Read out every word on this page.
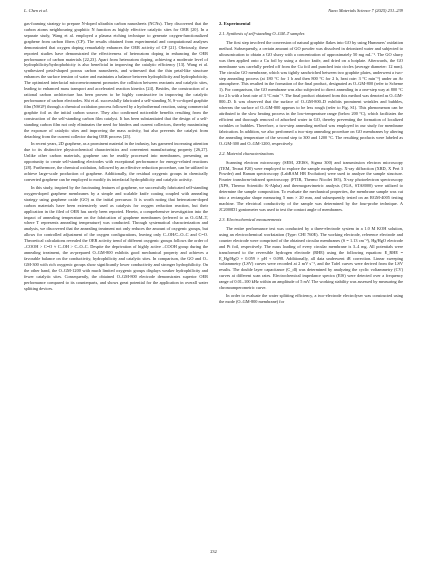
L. Chen et al.	Nano Materials Science 7 (2025) 231–239

gas-foaming strategy to prepare N-doped ultrathin carbon nanosheets (NCNs). They discovered that the carbon atoms neighbouring graphitic N function as highly effective catalytic sites for OER [20]. In a separate study, Wang et al. employed a plasma etching technique to generate oxygen-functionalized graphene from carbon fibers (CF). The results obtained from experimental and computational analyses demonstrated that oxygen doping remarkably enhances the OER activity of CF [21]. Obviously, these reported studies have demonstrated the effectiveness of heteroatom doping in enhancing the OER performance of carbon materials [22,23]. Apart from heteroatom doping, achieving a moderate level of hydrophilicity/hydrophobicity is also beneficial in improving the catalytic efficiency [13]. Wang et al. synthesized petal-shaped porous carbon nanosheets, and witnessed that the thin petal-like structure enhances the surface tension of water and maintains a balance between hydrophilicity and hydrophobicity. The optimized interfacial microenvironment promotes the collision between reactants and catalytic sites, leading to enhanced mass transport and accelerated reaction kinetics [24]. Besides, the construction of a rational carbon architecture has been proven to be highly constructive in improving the catalytic performance of carbon electrodes. Shi et al. successfully fabricated a self-standing N, S-co-doped graphite film (NSGF) through a chemical oxidation process followed by a hydrothermal reaction, using commercial graphite foil as the initial carbon source. They also confirmed noticeable benefits resulting from the construction of the self-standing carbon film catalyst. It has been substantiated that the design of a self-standing carbon film not only eliminates the need for binders and current collectors, thereby maximizing the exposure of catalytic sites and improving the mass activity, but also prevents the catalyst from detaching from the current collector during OER process [25].

In recent years, 2D graphene, as a prominent material in the industry, has garnered increasing attention due to its distinctive physicochemical characteristics and convenient manufacturing property [26,27]. Unlike other carbon materials, graphene can be readily processed into membranes, presenting an opportunity to create self-standing electrodes with exceptional performance for energy-related reactions [28]. Furthermore, the chemical oxidation, followed by an effective reduction procedure, can be utilized to achieve large-scale production of graphene. Additionally, the residual oxygenic groups in chemically converted graphene can be employed to modify its interfacial hydrophilicity and catalytic activity.

In this study, inspired by the fascinating features of graphene, we successfully fabricated self-standing oxygen-doped graphene membranes by a simple and scalable knife coating coupled with annealing strategy using graphene oxide (GO) as the initial precursor. It is worth noting that heteroatom-doped carbon materials have been extensively used as catalysts for oxygen reduction reaction, but their application in the filed of OER has rarely been reported. Herein, a comprehensive investigation into the impact of annealing temperature on the fabrication of graphene membranes (referred to as O–GM–T, where T represents annealing temperature) was conducted. Through systematical characterization and analysis, we discovered that the annealing treatment not only reduces the amount of oxygenic groups, but allows for controlled adjustment of the oxygen configurations, leaving only C–OH/C–O–C and C=O. Theoretical calculations revealed the OER activity trend of different oxygenic groups follows the order of –COOH > C=O ≈ C–OH > C–O–C. Despite the deprivation of highly active –COOH group during the annealing treatment, the as-prepared O–GM-800 exhibits good mechanical property and achieves a favorable balance on the conductivity, hydrophilicity and catalytic sites. In comparison, the GO and O–GM-300 with rich oxygenic groups show significantly lower conductivity and stronger hydrophilicity. On the other hand, the O–GM-1200 with much limited oxygenic groups displays weaker hydrophilicity and fewer catalytic sites. Consequently, the obtained O–GM-800 electrode demonstrates superior OER performance compared to its counterparts, and shows great potential for the application in overall water splitting devices.

2. Experimental
2.1. Synthesis of self-standing O–GM–T samples

The first step involved the conversion of natural graphite flakes into GO by using Hummers' oxidation method. Subsequently, a certain amount of GO powder was dissolved in deionized water and subjected to ultrasonication to obtain a GO slurry with a concentration of approximately 50 mg mL⁻¹. The GO slurry was then applied onto a Cu foil by using a doctor knife, and dried on a hotplate. Afterwards, the GO membrane was carefully peeled off from the Cu foil and punched into circles (average diameter: 12 mm). The circular GO membrane, which was tightly sandwiched between two graphite plates, underwent a two-step annealing process (at 180 °C for 1 h and then 800 °C for 2 h, heat rate: 3 °C min⁻¹) under an Ar atmosphere. This resulted in the formation of the final product, designated as O–GM-800 (refer to Scheme 1). For comparison, the GO membrane was also subjected to direct annealing in a one-step way at 800 °C for 2 h with a heat rate of 3 °C min⁻¹. The final product obtained from this method was denoted as O–GM-800–D. It was observed that the surface of O–GM-800–D exhibits prominent wrinkles and bubbles, whereas the surface of O–GM-800 appears to be less rough (refer to Fig. S1). This phenomenon can be attributed to the slow heating process in the low-temperature range (below 200 °C), which facilitates the efficient and thorough removal of adsorbed water in GO, thereby preventing the formation of localized wrinkles or bubbles. Therefore, a two-step annealing method was employed in our study for membrane fabrication. In addition, we also performed a two-step annealing procedure on GO membranes by altering the annealing temperature of the second step to 300 and 1200 °C. The resulting products were labeled as O–GM-300 and O–GM-1200, respectively.

2.2. Material characterizations

Scanning electron microscopy (SEM, ZEISS, Sigma 300) and transmission electron microscopy (TEM, Tecnai F20) were employed to explore the sample morphology. X-ray diffraction (XRD, X Pert 3 Powder) and Raman spectroscopy (LabRAM HR Evolution) were used to analyze the sample structure. Fourier transform-infrared spectroscopy (FTIR, Thermo Nicolet IS5), X-ray photoelectron spectroscopy (XPS, Thermo Scientific K-Alpha) and thermogravimetric analysis (TGA, STA8000) were utilized to determine the sample composition. To evaluate the mechanical properties, the membrane sample was cut into a rectangular shape measuring 5 mm × 20 mm, and subsequently tested on an RGM-4005 testing machine. The electrical conductivity of the sample was determined by the four-probe technique. A JC2000D1 goniometer was used to test the contact angle of membranes.

2.3. Electrochemical measurements

The entire performance test was conducted by a three-electrode system in a 1.0 M KOH solution, using an electrochemical workstation (Type: CHI 760E). The working electrode, reference electrode and counter electrode were comprised of the obtained circular membranes (S = 1.13 cm⁻²), Hg/HgO electrode and Pt foil, respectively. The mass loading of every circular membrane is 3–4 mg. All potentials were transformed to the reversible hydrogen electrode (RHE) using the following equation: E_RHE = E_Hg/HgO + 0.059 × pH + 0.098. Additionally, all data underwent iR correction. Linear sweeping voltammetry (LSV) curves were recorded at 2 mV s⁻¹, and the Tafel curves were derived from the LSV results. The double layer capacitance (C_dl) was determined by analyzing the cyclic voltammetry (CV) curves at different scan rates. Electrochemical impedance spectra (EIS) were detected over a frequency range of 0.01–100 kHz within an amplitude of 5 mV. The working stability was assessed by measuring the chronoamperometric curve.

In order to evaluate the water splitting efficiency, a two-electrode electrolyser was constructed using the mode (O–GM-800 membrane) for

232
